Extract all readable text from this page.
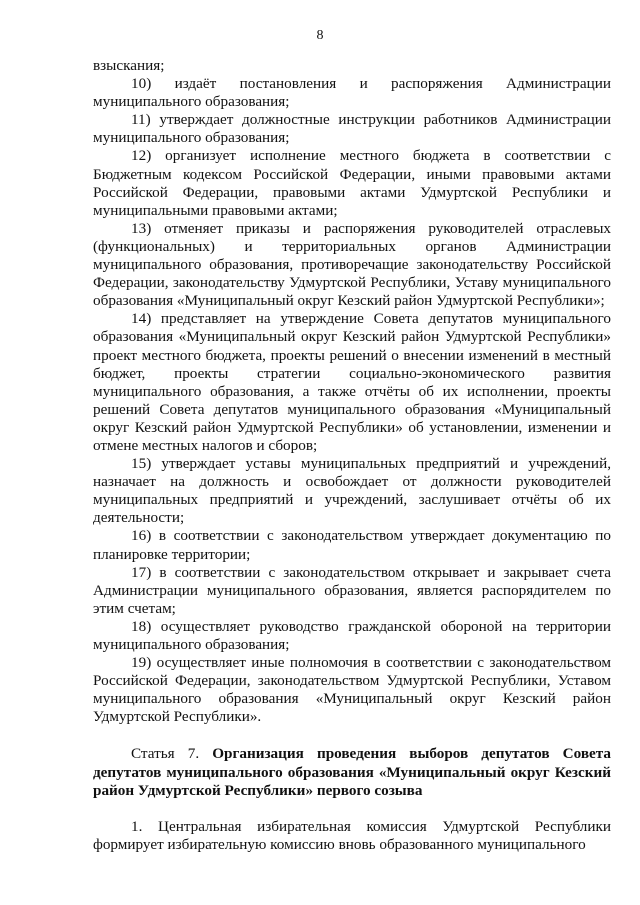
8

взыскания;

10) издаёт постановления и распоряжения Администрации муниципального образования;

11) утверждает должностные инструкции работников Администрации муниципального образования;

12) организует исполнение местного бюджета в соответствии с Бюджетным кодексом Российской Федерации, иными правовыми актами Российской Федерации, правовыми актами Удмуртской Республики и муниципальными правовыми актами;

13) отменяет приказы и распоряжения руководителей отраслевых (функциональных) и территориальных органов Администрации муниципального образования, противоречащие законодательству Российской Федерации, законодательству Удмуртской Республики, Уставу муниципального образования «Муниципальный округ Кезский район Удмуртской Республики»;

14) представляет на утверждение Совета депутатов муниципального образования «Муниципальный округ Кезский район Удмуртской Республики» проект местного бюджета, проекты решений о внесении изменений в местный бюджет, проекты стратегии социально-экономического развития муниципального образования, а также отчёты об их исполнении, проекты решений Совета депутатов муниципального образования «Муниципальный округ Кезский район Удмуртской Республики» об установлении, изменении и отмене местных налогов и сборов;

15) утверждает уставы муниципальных предприятий и учреждений, назначает на должность и освобождает от должности руководителей муниципальных предприятий и учреждений, заслушивает отчёты об их деятельности;

16) в соответствии с законодательством утверждает документацию по планировке территории;

17) в соответствии с законодательством открывает и закрывает счета Администрации муниципального образования, является распорядителем по этим счетам;

18) осуществляет руководство гражданской обороной на территории муниципального образования;

19) осуществляет иные полномочия в соответствии с законодательством Российской Федерации, законодательством Удмуртской Республики, Уставом муниципального образования «Муниципальный округ Кезский район Удмуртской Республики».

Статья 7. Организация проведения выборов депутатов Совета депутатов муниципального образования «Муниципальный округ Кезский район Удмуртской Республики» первого созыва

1. Центральная избирательная комиссия Удмуртской Республики формирует избирательную комиссию вновь образованного муниципального
